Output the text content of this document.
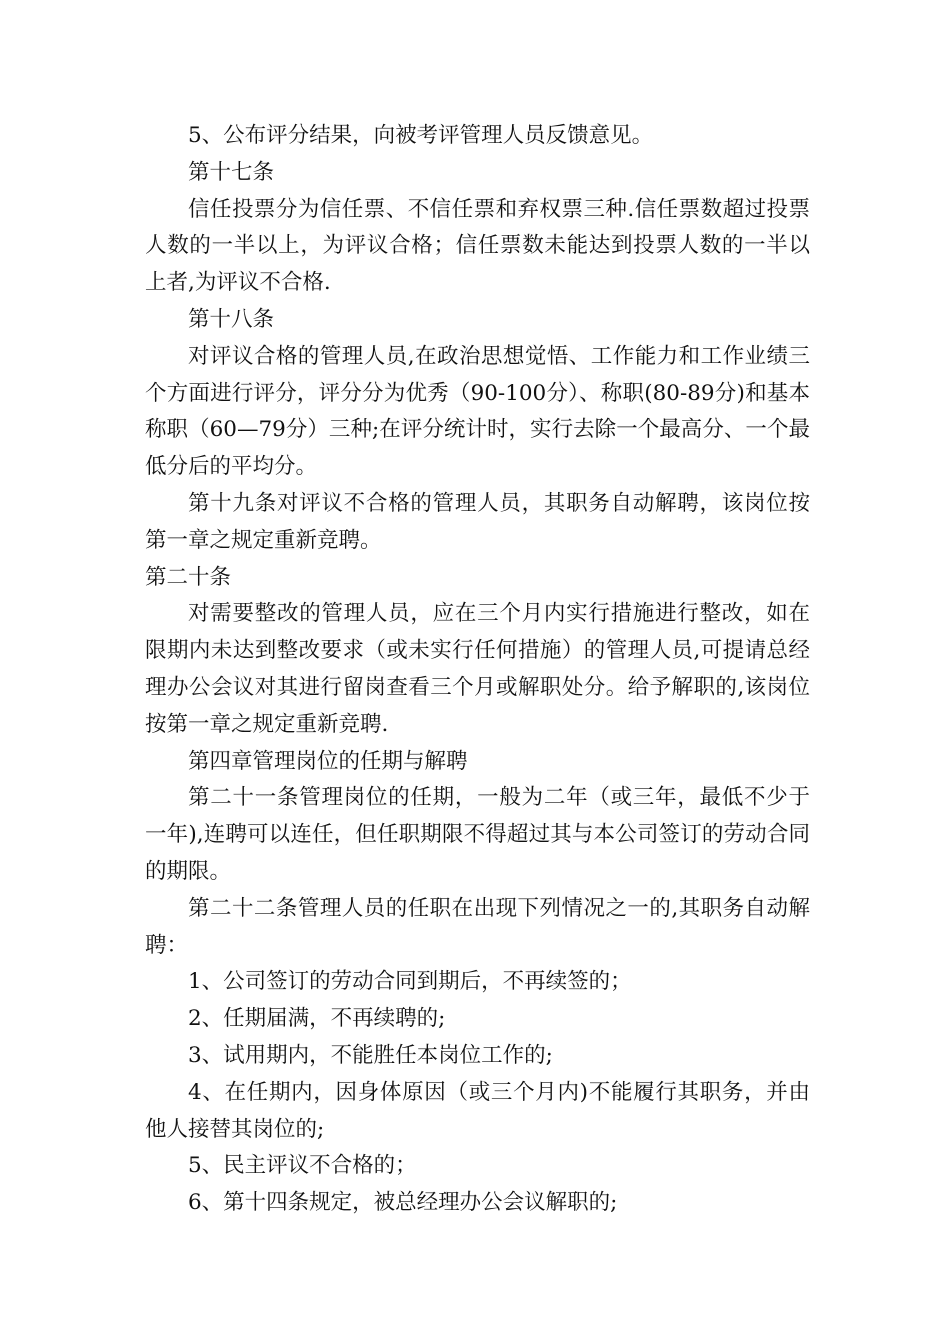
5、公布评分结果，向被考评管理人员反馈意见。

第十七条

信任投票分为信任票、不信任票和弃权票三种.信任票数超过投票人数的一半以上，为评议合格；信任票数未能达到投票人数的一半以上者,为评议不合格.

第十八条

对评议合格的管理人员,在政治思想觉悟、工作能力和工作业绩三个方面进行评分，评分分为优秀（90-100分）、称职(80-89分)和基本称职（60—79分）三种;在评分统计时，实行去除一个最高分、一个最低分后的平均分。

第十九条对评议不合格的管理人员，其职务自动解聘，该岗位按第一章之规定重新竞聘。

第二十条

对需要整改的管理人员，应在三个月内实行措施进行整改，如在限期内未达到整改要求（或未实行任何措施）的管理人员,可提请总经理办公会议对其进行留岗查看三个月或解职处分。给予解职的,该岗位按第一章之规定重新竞聘.

第四章管理岗位的任期与解聘

第二十一条管理岗位的任期，一般为二年（或三年，最低不少于一年),连聘可以连任，但任职期限不得超过其与本公司签订的劳动合同的期限。

第二十二条管理人员的任职在出现下列情况之一的,其职务自动解聘：

1、公司签订的劳动合同到期后，不再续签的；

2、任期届满，不再续聘的;

3、试用期内，不能胜任本岗位工作的;

4、在任期内，因身体原因（或三个月内)不能履行其职务，并由他人接替其岗位的;

5、民主评议不合格的；

6、第十四条规定，被总经理办公会议解职的;
